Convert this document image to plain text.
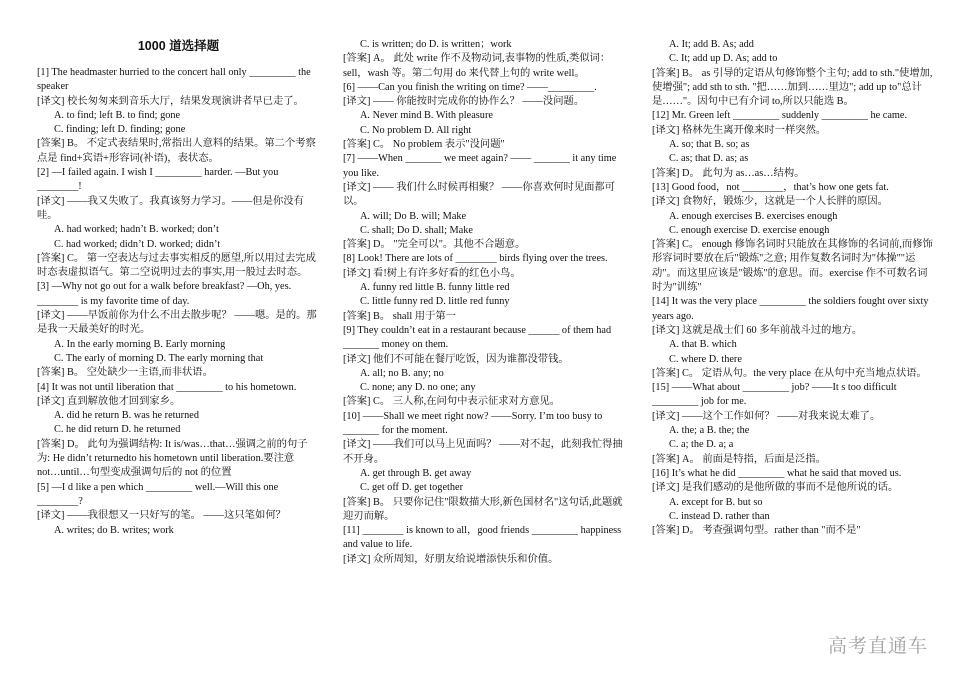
1000 道选择题
[1] The headmaster hurried to the concert hall only _________ the speaker
[译文] 校长匆匆来到音乐大厅，结果发现演讲者早已走了。
A. to find; left B. to find; gone
C. finding; left D. finding; gone
[答案] B。 不定式表结果时,常指出人意料的结果。第二个考察点是 find+宾语+形容词(补语)，表状态。
[2] —I failed again. I wish I _________ harder. —But you ________!
[译文] ——我又失败了。我真该努力学习。——但是你没有哇。
A. had worked; hadn’t B. worked; don’t
C. had worked; didn’t D. worked; didn’t
[答案] C。 第一空表达与过去事实相反的愿望,所以用过去完成时态表虚拟语气。第二空说明过去的事实,用一般过去时态。
[3] —Why not go out for a walk before breakfast? —Oh, yes. ________ is my favorite time of day.
[译文] ——早饭前你为什么不出去散步呢？ ——嗯。是的。那是我一天最美好的时光。
A. In the early morning B. Early morning
C. The early of morning D. The early morning that
[答案] B。 空处缺少一主语,而非状语。
[4] It was not until liberation that _________ to his hometown.
[译文] 直到解放他才回到家乡。
A. did he return B. was he returned
C. he did return D. he returned
[答案] D。 此句为强调结构: It is/was…that…强调之前的句子为: He didn’t returnedto his hometown until liberation.要注意 not…until…句型变成强调句后的 not 的位置
[5] —I d like a pen which _________ well.—Will this one ________?
[译文] ——我很想又一只好写的笔。 ——这只笔如何？
A. writes; do B. writes; work
C. is written; do D. is written；work
[答案] A。 此处 write 作不及物动词,表事物的性质,类似词： sell，wash 等。第二句用 do 来代替上句的 write well。
[6] ——Can you finish the writing on time? ——_________.
[译文] —— 你能按时完成你的协作么？ ——没问题。
A. Never mind B. With pleasure
C. No problem D. All right
[答案] C。 No problem 表示"没问题"
[7] ——When _______ we meet again? —— _______ it any time you like.
[译文] —— 我们什么时候再相聚？ ——你喜欢何时见面都可以。
A. will; Do B. will; Make
C. shall; Do D. shall; Make
[答案] D。 "完全可以"。其他不合题意。
[8] Look! There are lots of ________ birds flying over the trees.
[译文] 看!树上有许多好看的红色小鸟。
A. funny red little B. funny little red
C. little funny red D. little red funny
[答案] B。 shall 用于第一
[9] They couldn’t eat in a restaurant because ______ of them had _______ money on them.
[译文] 他们不可能在餐厅吃饭，因为谁都没带钱。
A. all; no B. any; no
C. none; any D. no one; any
[答案] C。 三人称,在问句中表示征求对方意见。
[10] ——Shall we meet right now? ——Sorry. I’m too busy to _______ for the moment.
[译文] ——我们可以马上见面吗？ ——对不起，此刻我忙得抽不开身。
A. get through B. get away
C. get off D. get together
[答案] B。 只要你记住"限数描大形,新色国材名"这句话,此题就迎刃而解。
[11] ________ is known to all，good friends _________ happiness and value to life.
[译文] 众所周知，好朋友给说增添快乐和价值。
A. It; add B. As; add
C. It; add up D. As; add to
[答案] B。 as 引导的定语从句修饰整个主句; add to sth."使增加,使增强"; add sth to sth. "把……加到……里边"; add up to"总计是……"。因句中已有介词 to,所以只能选 B。
[12] Mr. Green left _________ suddenly _________ he came.
[译文] 格林先生离开像来时一样突然。
A. so; that B. so; as
C. as; that D. as; as
[答案] D。 此句为 as…as…结构。
[13] Good food，not ________，that’s how one gets fat.
[译文] 食物好，锻炼少，这就是一个人长胖的原因。
A. enough exercises B. exercises enough
C. enough exercise D. exercise enough
[答案] C。 enough 修饰名词时只能放在其修饰的名词前,而修饰形容词时要放在后"锻炼"之意; 用作复数名词时为"体操""运动"。而这里应该是"锻炼"的意思。而。exercise 作不可数名词时为"训练"
[14] It was the very place _________ the soldiers fought over sixty years ago.
[译文] 这就是战士们 60 多年前战斗过的地方。
A. that B. which
C. where D. there
[答案] C。 定语从句。the very place 在从句中充当地点状语。
[15] ——What about _________ job? ——It s too difficult _________ job for me.
[译文] ——这个工作如何？ ——对我来说太难了。
A. the; a B. the; the
C. a; the D. a; a
[答案] A。 前面是特指，后面是泛指。
[16] It’s what he did _________ what he said that moved us.
[译文] 是我们感动的是他所做的事而不是他所说的话。
A. except for B. but so
C. instead D. rather than
[答案] D。 考查强调句型。rather than "而不是"
高考直通车
